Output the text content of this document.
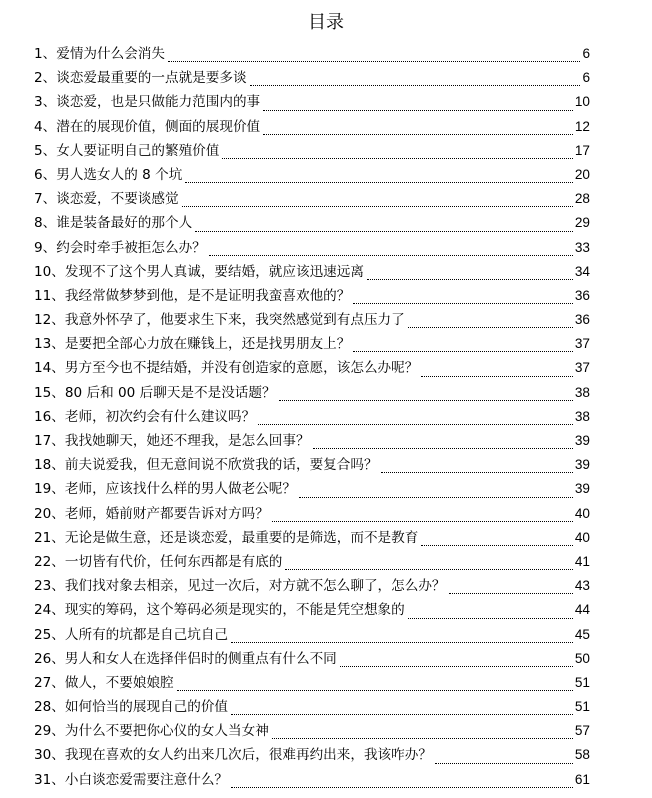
目录
1、 爱情为什么会消失	6
2、 谈恋爱最重要的一点就是要多谈	6
3、 谈恋爱，也是只做能力范围内的事	10
4、 潜在的展现价值，侧面的展现价值	12
5、 女人要证明自己的繁殖价值	17
6、 男人选女人的 8 个坑	20
7、 谈恋爱，不要谈感觉	28
8、 谁是装备最好的那个人	29
9、 约会时牵手被拒怎么办？	33
10、 发现不了这个男人真诚，要结婚，就应该迅速远离	34
11、 我经常做梦梦到他，是不是证明我蛮喜欢他的？	36
12、 我意外怀孕了，他要求生下来，我突然感觉到有点压力了	36
13、 是要把全部心力放在赚钱上，还是找男朋友上？	37
14、 男方至今也不提结婚，并没有创造家的意愿，该怎么办呢？	37
15、 80 后和 00 后聊天是不是没话题？	38
16、 老师，初次约会有什么建议吗？	38
17、 我找她聊天，她还不理我，是怎么回事？	39
18、 前夫说爱我，但无意间说不欣赏我的话，要复合吗？	39
19、 老师，应该找什么样的男人做老公呢？	39
20、 老师，婚前财产都要告诉对方吗？	40
21、 无论是做生意，还是谈恋爱，最重要的是筛选，而不是教育	40
22、 一切皆有代价，任何东西都是有底的	41
23、 我们找对象去相亲，见过一次后，对方就不怎么聊了，怎么办？	43
24、 现实的筹码，这个筹码必须是现实的，不能是凭空想象的	44
25、 人所有的坑都是自己坑自己	45
26、 男人和女人在选择伴侣时的侧重点有什么不同	50
27、 做人，不要娘娘腔	51
28、 如何恰当的展现自己的价值	51
29、 为什么不要把你心仪的女人当女神	57
30、 我现在喜欢的女人约出来几次后，很难再约出来，我该咋办？	58
31、 小白谈恋爱需要注意什么？	61
